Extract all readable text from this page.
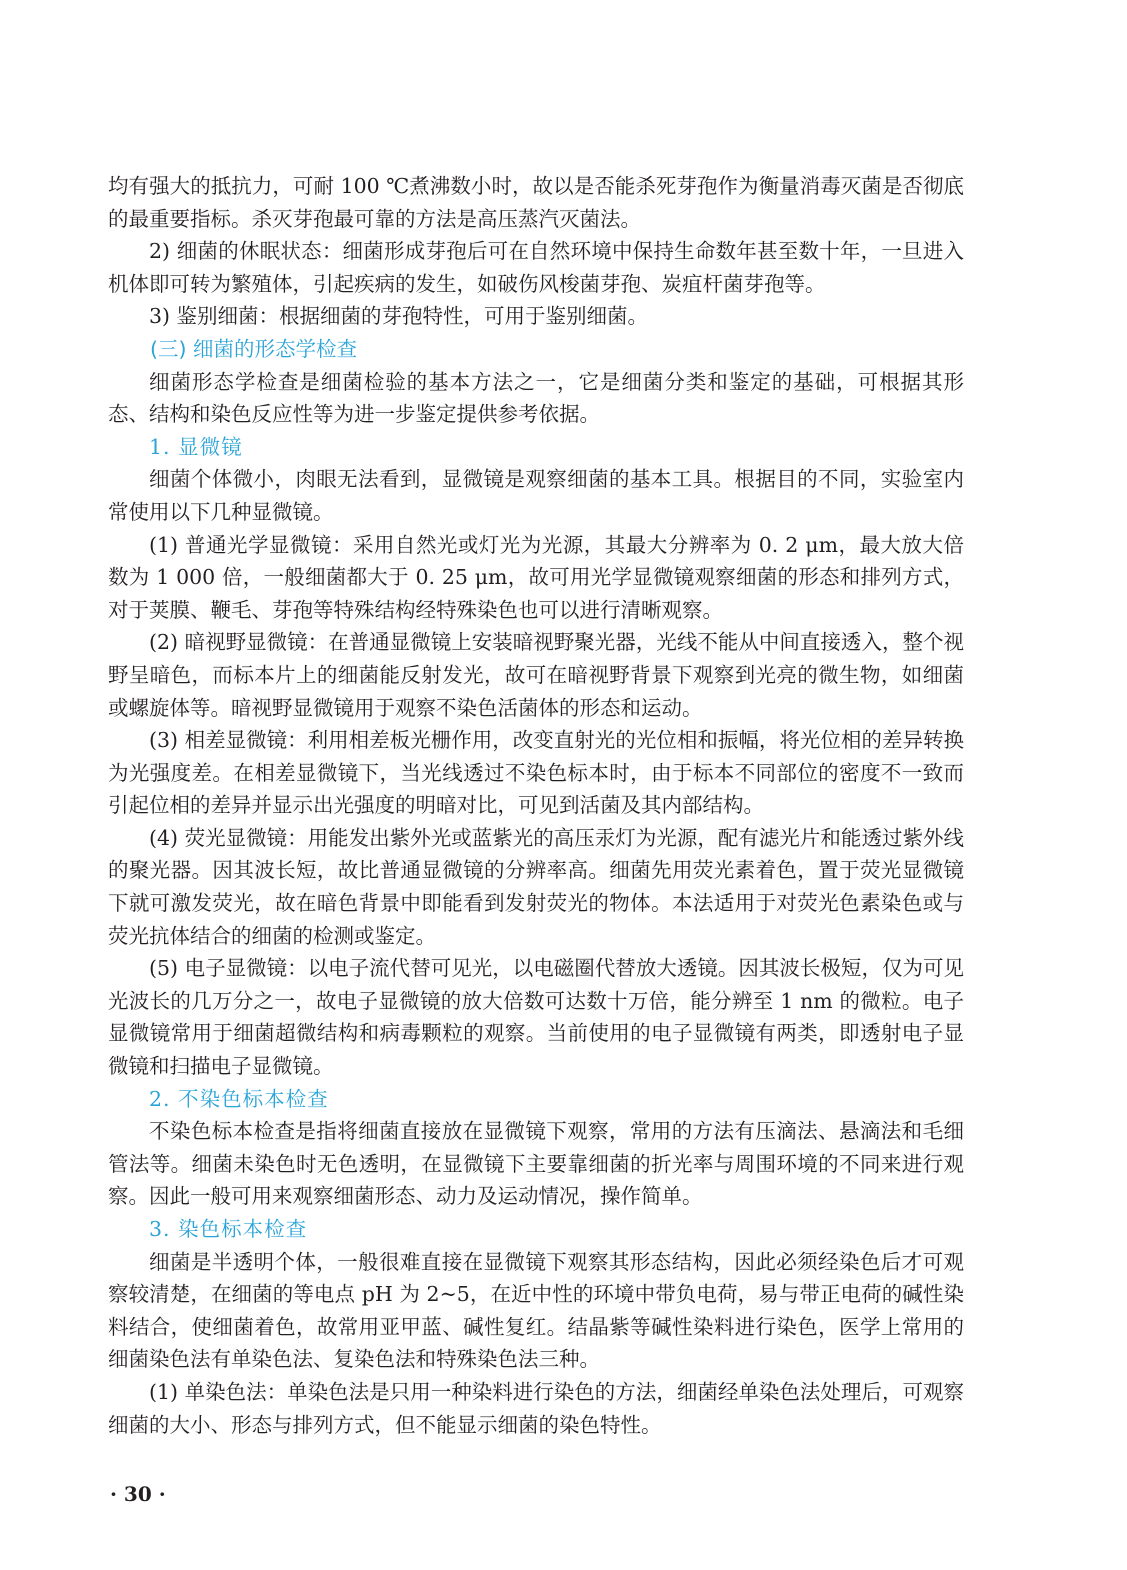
均有强大的抵抗力，可耐 100 ℃煮沸数小时，故以是否能杀死芽孢作为衡量消毒灭菌是否彻底的最重要指标。杀灭芽孢最可靠的方法是高压蒸汽灭菌法。

2) 细菌的休眠状态：细菌形成芽孢后可在自然环境中保持生命数年甚至数十年，一旦进入机体即可转为繁殖体，引起疾病的发生，如破伤风梭菌芽孢、炭疽杆菌芽孢等。

3) 鉴别细菌：根据细菌的芽孢特性，可用于鉴别细菌。

(三) 细菌的形态学检查

细菌形态学检查是细菌检验的基本方法之一，它是细菌分类和鉴定的基础，可根据其形态、结构和染色反应性等为进一步鉴定提供参考依据。

1. 显微镜

细菌个体微小，肉眼无法看到，显微镜是观察细菌的基本工具。根据目的不同，实验室内常使用以下几种显微镜。

(1) 普通光学显微镜：采用自然光或灯光为光源，其最大分辨率为 0. 2 μm，最大放大倍数为 1 000 倍，一般细菌都大于 0. 25 μm，故可用光学显微镜观察细菌的形态和排列方式，对于荚膜、鞭毛、芽孢等特殊结构经特殊染色也可以进行清晰观察。

(2) 暗视野显微镜：在普通显微镜上安装暗视野聚光器，光线不能从中间直接透入，整个视野呈暗色，而标本片上的细菌能反射发光，故可在暗视野背景下观察到光亮的微生物，如细菌或螺旋体等。暗视野显微镜用于观察不染色活菌体的形态和运动。

(3) 相差显微镜：利用相差板光栅作用，改变直射光的光位相和振幅，将光位相的差异转换为光强度差。在相差显微镜下，当光线透过不染色标本时，由于标本不同部位的密度不一致而引起位相的差异并显示出光强度的明暗对比，可见到活菌及其内部结构。

(4) 荧光显微镜：用能发出紫外光或蓝紫光的高压汞灯为光源，配有滤光片和能透过紫外线的聚光器。因其波长短，故比普通显微镜的分辨率高。细菌先用荧光素着色，置于荧光显微镜下就可激发荧光，故在暗色背景中即能看到发射荧光的物体。本法适用于对荧光色素染色或与荧光抗体结合的细菌的检测或鉴定。

(5) 电子显微镜：以电子流代替可见光，以电磁圈代替放大透镜。因其波长极短，仅为可见光波长的几万分之一，故电子显微镜的放大倍数可达数十万倍，能分辨至 1 nm 的微粒。电子显微镜常用于细菌超微结构和病毒颗粒的观察。当前使用的电子显微镜有两类，即透射电子显微镜和扫描电子显微镜。

2. 不染色标本检查

不染色标本检查是指将细菌直接放在显微镜下观察，常用的方法有压滴法、悬滴法和毛细管法等。细菌未染色时无色透明，在显微镜下主要靠细菌的折光率与周围环境的不同来进行观察。因此一般可用来观察细菌形态、动力及运动情况，操作简单。

3. 染色标本检查

细菌是半透明个体，一般很难直接在显微镜下观察其形态结构，因此必须经染色后才可观察较清楚，在细菌的等电点 pH 为 2~5，在近中性的环境中带负电荷，易与带正电荷的碱性染料结合，使细菌着色，故常用亚甲蓝、碱性复红。结晶紫等碱性染料进行染色，医学上常用的细菌染色法有单染色法、复染色法和特殊染色法三种。

(1) 单染色法：单染色法是只用一种染料进行染色的方法，细菌经单染色法处理后，可观察细菌的大小、形态与排列方式，但不能显示细菌的染色特性。

· 30 ·
